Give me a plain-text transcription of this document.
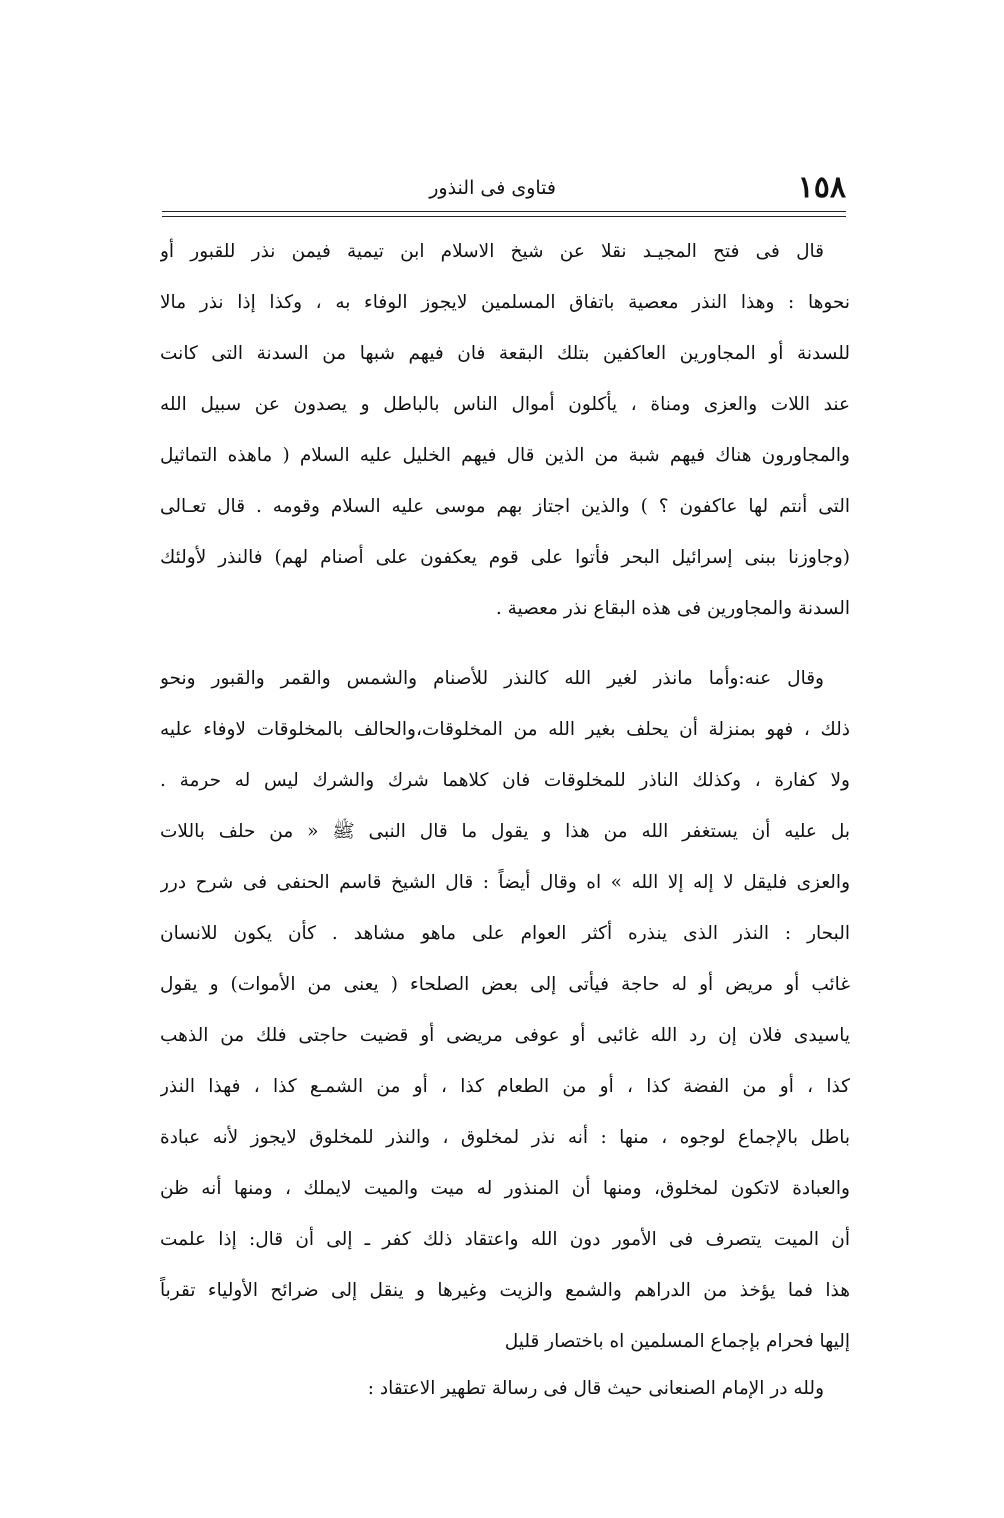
١٥٨
فتاوى فى النذور
قال فى فتح المجيـد نقلا عن شيخ الاسلام ابن تيمية فيمن نذر للقبور أو
نحوها : وهذا النذر معصية باتفاق المسلمين لايجوز الوفاء به ، وكذا إذا نذر مالا
للسدنة أو المجاورين العاكفين بتلك البقعة فان فيهم شبها من السدنة التى كانت
عند اللات والعزى ومناة ، يأكلون أموال الناس بالباطل و يصدون عن سبيل الله
والمجاورون هناك فيهم شبة من الذين قال فيهم الخليل عليه السلام ( ماهذه التماثيل
التى أنتم لها عاكفون ؟ ) والذين اجتاز بهم موسى عليه السلام وقومه . قال تعـالى
(وجاوزنا ببنى إسرائيل البحر فأتوا على قوم يعكفون على أصنام لهم) فالنذر لأولئك
السدنة والمجاورين فى هذه البقاع نذر معصية .
وقال عنه:وأما مانذر لغير الله كالنذر للأصنام والشمس والقمر والقبور ونحو
ذلك ، فهو بمنزلة أن يحلف بغير الله من المخلوقات،والحالف بالمخلوقات لاوفاء عليه
ولا كفارة ، وكذلك الناذر للمخلوقات فان كلاهما شرك والشرك ليس له حرمة .
بل عليه أن يستغفر الله من هذا و يقول ما قال النبى ﷺ « من حلف باللات
والعزى فليقل لا إله إلا الله » اه وقال أيضاً : قال الشيخ قاسم الحنفى فى شرح درر
البحار : النذر الذى ينذره أكثر العوام على ماهو مشاهد . كأن يكون للانسان
غائب أو مريض أو له حاجة فيأتى إلى بعض الصلحاء ( يعنى من الأموات) و يقول
ياسيدى فلان إن رد الله غائبى أو عوفى مريضى أو قضيت حاجتى فلك من الذهب
كذا ، أو من الفضة كذا ، أو من الطعام كذا ، أو من الشمـع كذا ، فهذا النذر
باطل بالإجماع لوجوه ، منها : أنه نذر لمخلوق ، والنذر للمخلوق لايجوز لأنه عبادة
والعبادة لاتكون لمخلوق، ومنها أن المنذور له ميت والميت لايملك ، ومنها أنه ظن
أن الميت يتصرف فى الأمور دون الله واعتقاد ذلك كفر ـ إلى أن قال: إذا علمت
هذا فما يؤخذ من الدراهم والشمع والزيت وغيرها و ينقل إلى ضرائح الأولياء تقرباً
إليها فحرام بإجماع المسلمين اه باختصار قليل
ولله در الإمام الصنعانى حيث قال فى رسالة تطهير الاعتقاد :
